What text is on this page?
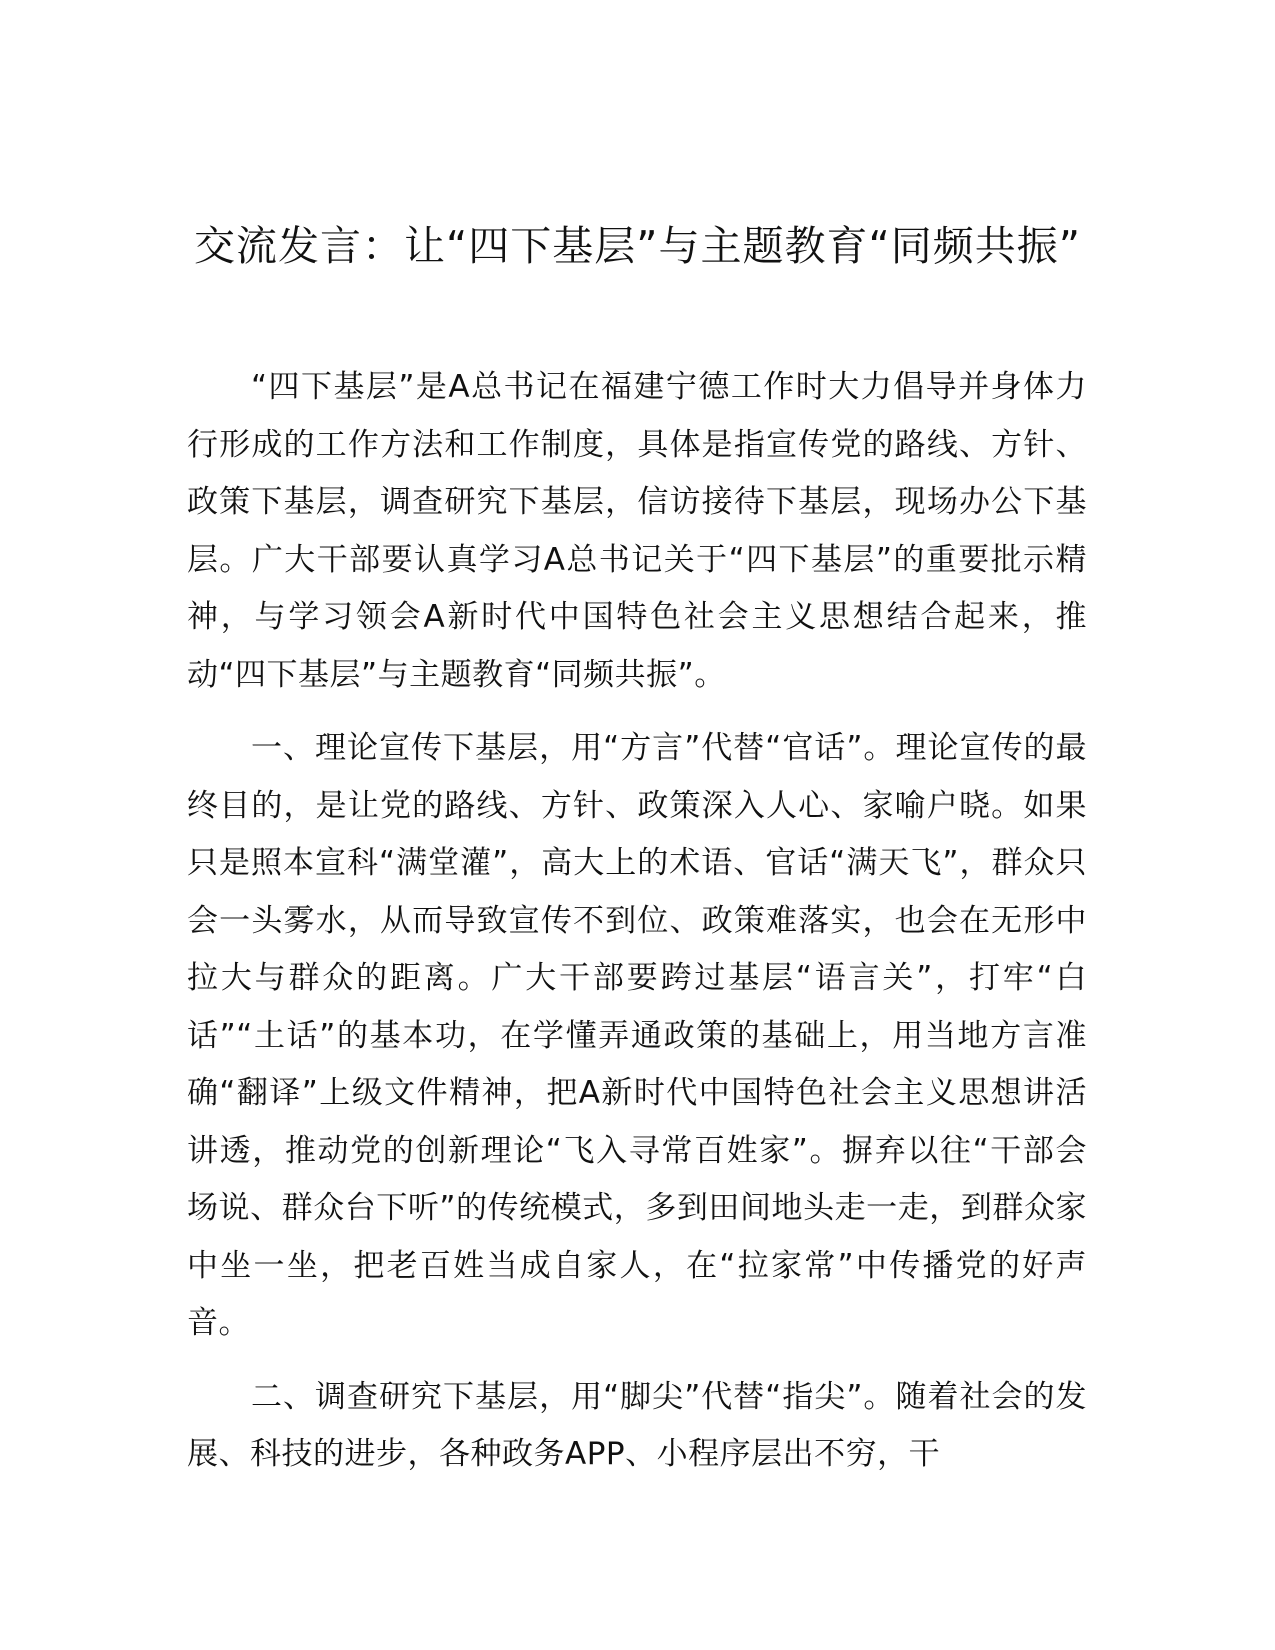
交流发言：让“四下基层”与主题教育“同频共振”

“四下基层”是A总书记在福建宁德工作时大力倡导并身体力行形成的工作方法和工作制度，具体是指宣传党的路线、方针、政策下基层，调查研究下基层，信访接待下基层，现场办公下基层。广大干部要认真学习A总书记关于“四下基层”的重要批示精神，与学习领会A新时代中国特色社会主义思想结合起来，推动“四下基层”与主题教育“同频共振”。

一、理论宣传下基层，用“方言”代替“官话”。理论宣传的最终目的，是让党的路线、方针、政策深入人心、家喻户晓。如果只是照本宣科“满堂灌”，高大上的术语、官话“满天飞”，群众只会一头雾水，从而导致宣传不到位、政策难落实，也会在无形中拉大与群众的距离。广大干部要跨过基层“语言关”，打牢“白话”“土话”的基本功，在学懂弄通政策的基础上，用当地方言准确“翻译”上级文件精神，把A新时代中国特色社会主义思想讲活讲透，推动党的创新理论“飞入寻常百姓家”。摒弃以往“干部会场说、群众台下听”的传统模式，多到田间地头走一走，到群众家中坐一坐，把老百姓当成自家人，在“拉家常”中传播党的好声音。

二、调查研究下基层，用“脚尖”代替“指尖”。随着社会的发展、科技的进步，各种政务APP、小程序层出不穷，干
